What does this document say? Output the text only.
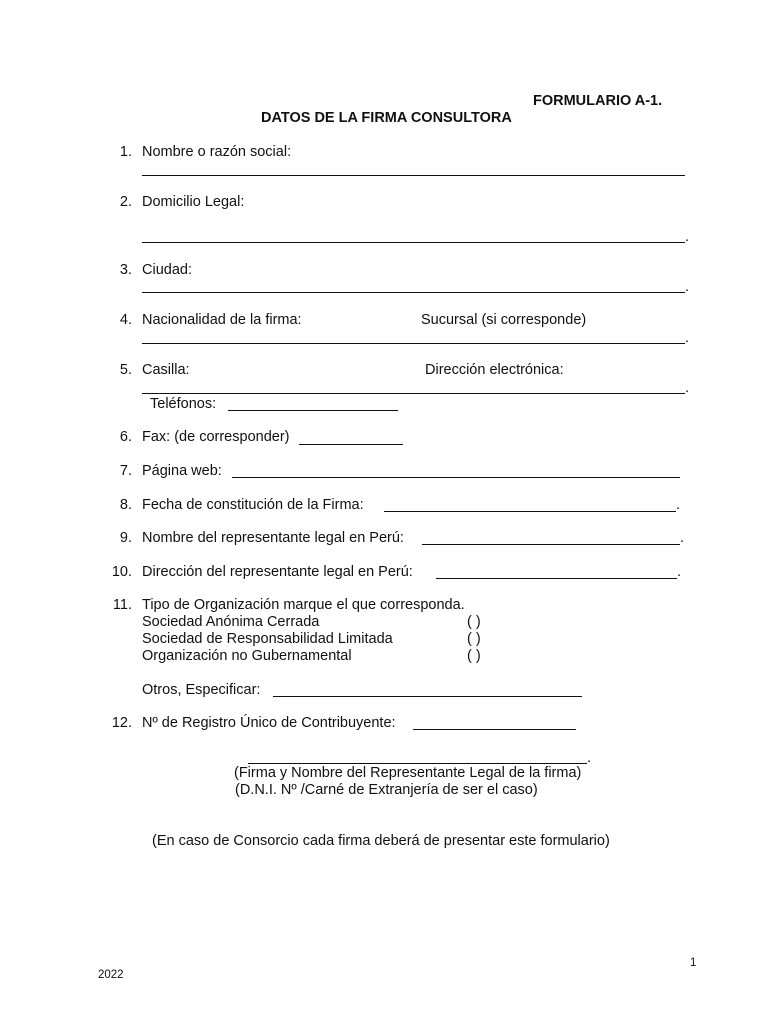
FORMULARIO A-1.
DATOS DE LA FIRMA CONSULTORA
1. Nombre o razón social:
2. Domicilio Legal:
.
3. Ciudad:
.
4. Nacionalidad de la firma:	Sucursal (si corresponde)
.
5. Casilla:	Dirección electrónica:
.
Teléfonos:
6. Fax: (de corresponder)
7. Página web:
8. Fecha de constitución de la Firma:	.
9. Nombre del representante legal en Perú:	.
10. Dirección del representante legal en Perú:	.
11. Tipo de Organización marque el que corresponda.
Sociedad Anónima Cerrada	( )
Sociedad de Responsabilidad Limitada	( )
Organización no Gubernamental	( )
Otros, Especificar:
12. Nº de Registro Único de Contribuyente:
.
(Firma y Nombre del Representante Legal de la firma)
(D.N.I. Nº /Carné de Extranjería de ser el caso)
(En caso de Consorcio cada firma deberá de presentar este formulario)
1
2022
